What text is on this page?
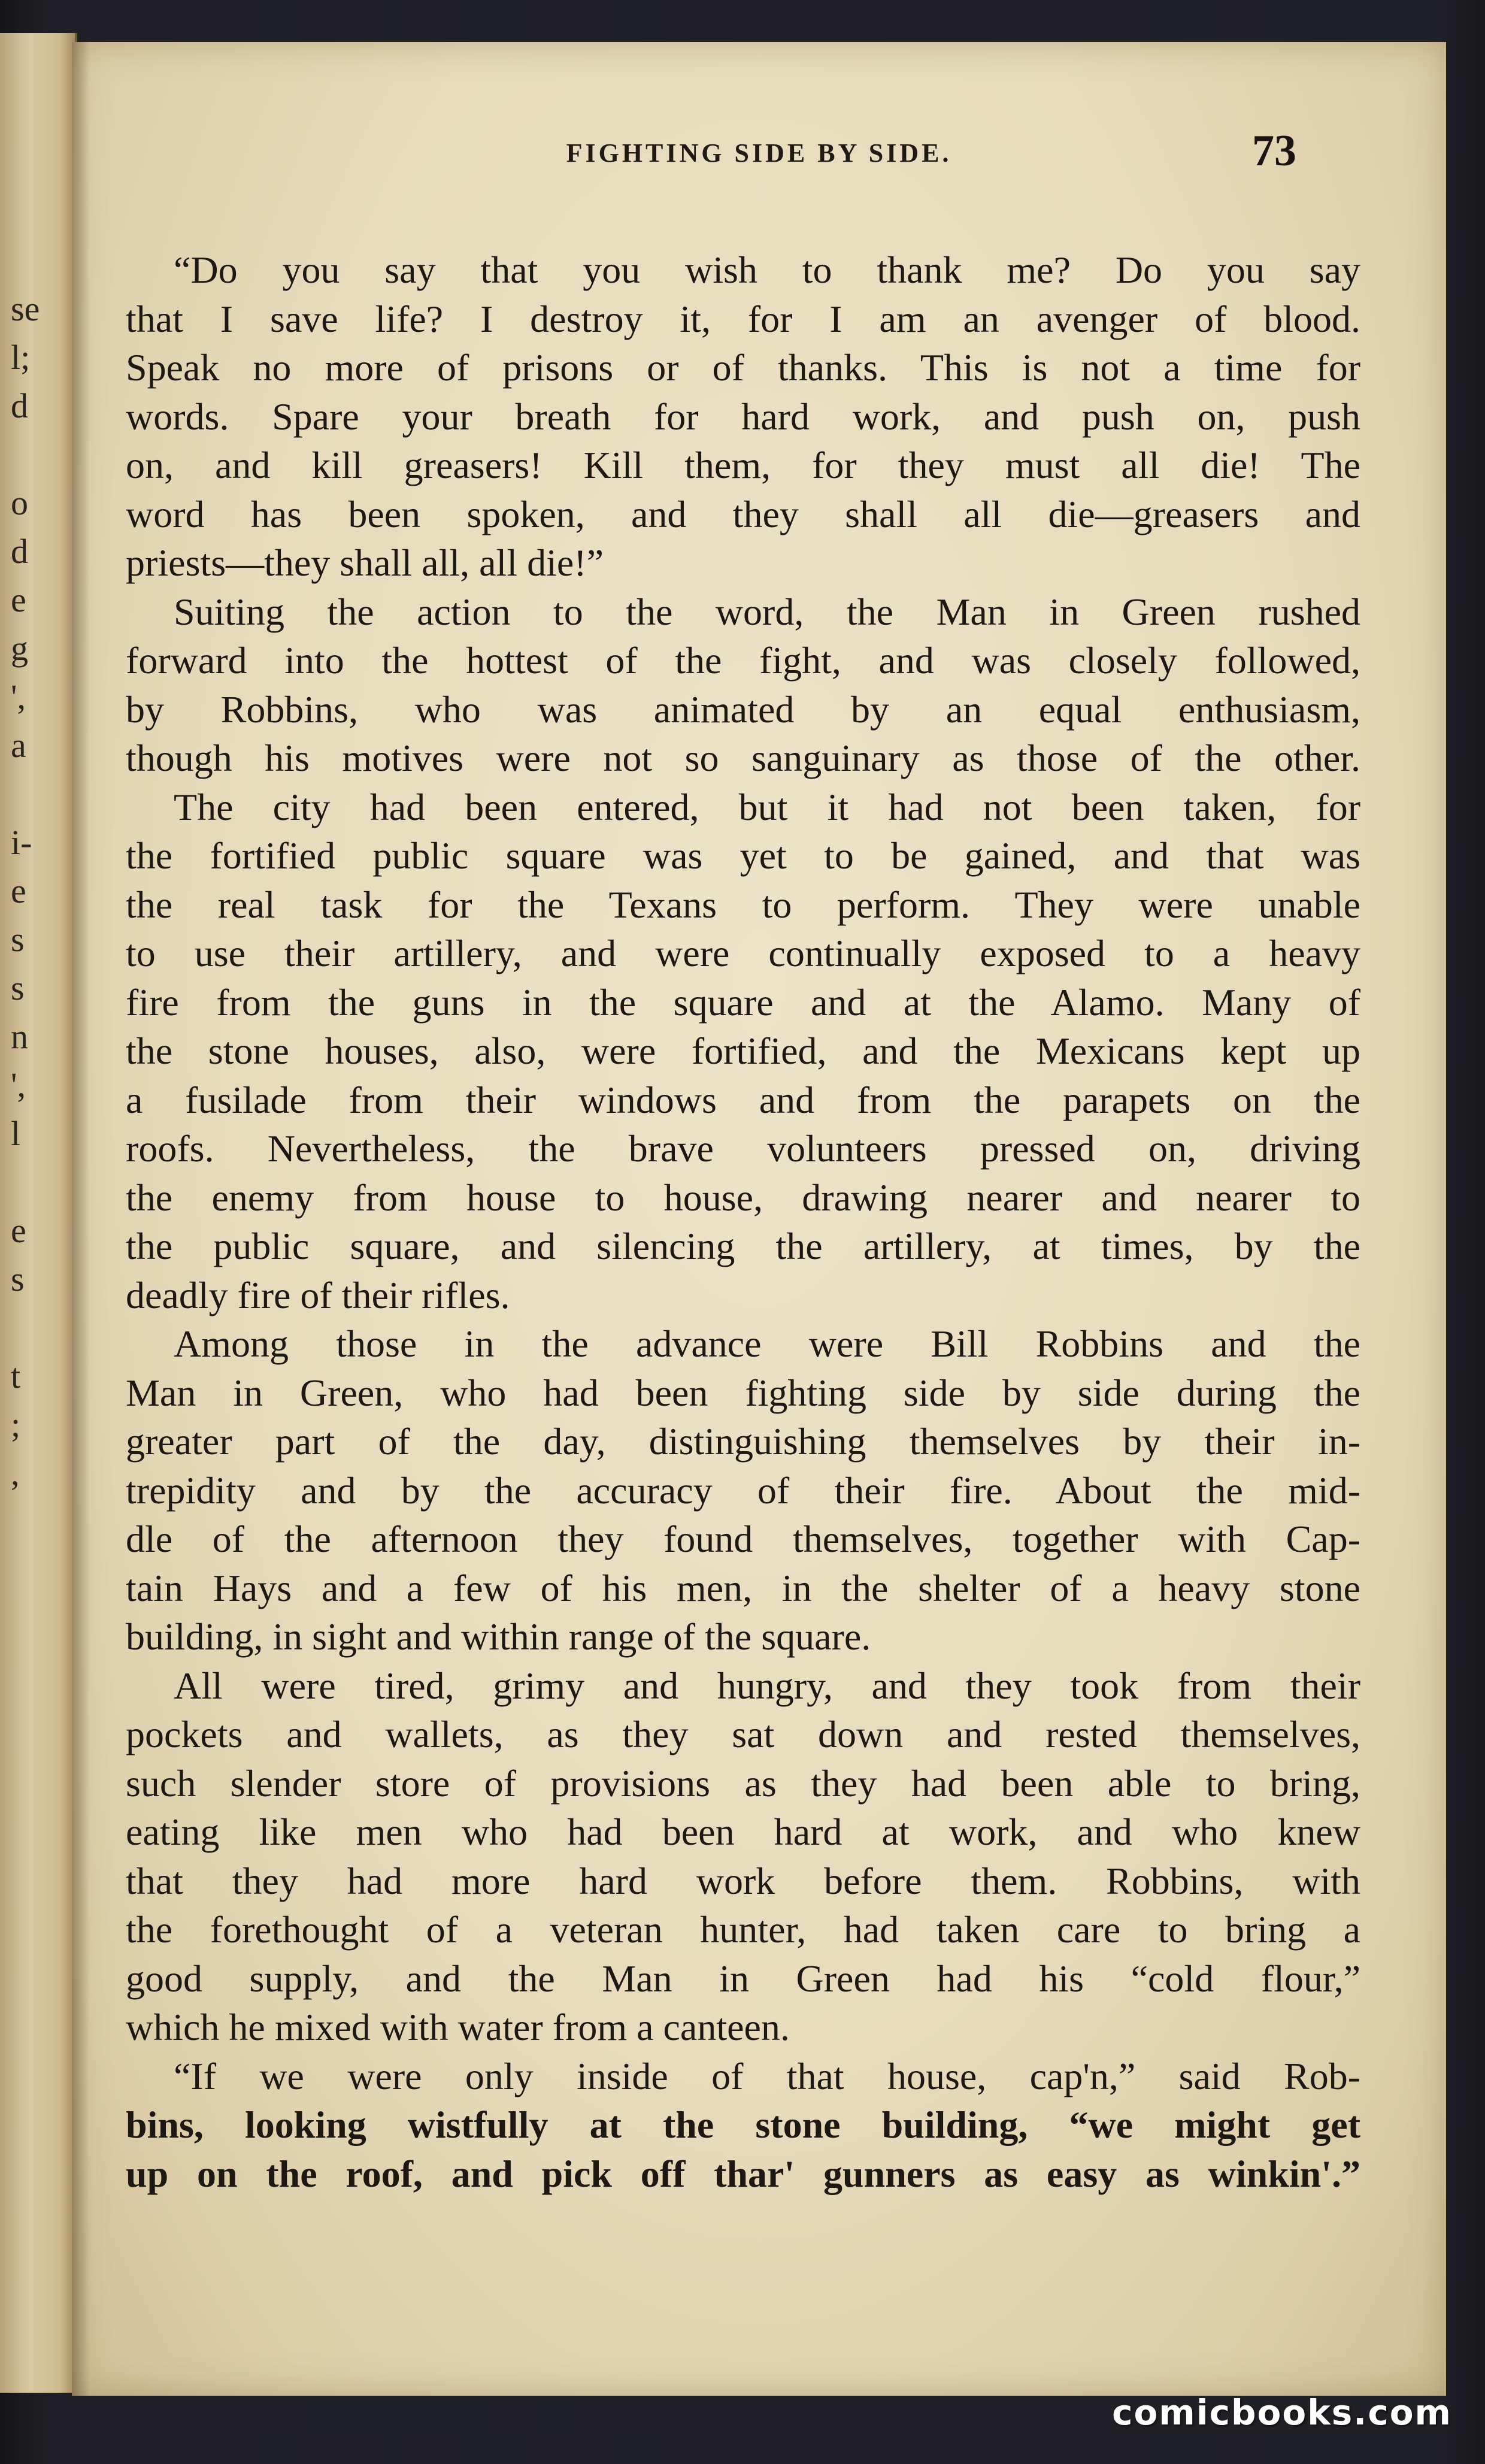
se
l;
d

o
d
e
g
',
a

i-
e
s
s
n
',
l

e
s

t
;
,
FIGHTING SIDE BY SIDE.	73
“Do you say that you wish to thank me? Do you say
that I save life? I destroy it, for I am an avenger of blood.
Speak no more of prisons or of thanks. This is not a time for
words. Spare your breath for hard work, and push on, push
on, and kill greasers! Kill them, for they must all die! The
word has been spoken, and they shall all die—greasers and
priests—they shall all, all die!”
Suiting the action to the word, the Man in Green rushed
forward into the hottest of the fight, and was closely followed,
by Robbins, who was animated by an equal enthusiasm,
though his motives were not so sanguinary as those of the other.
The city had been entered, but it had not been taken, for
the fortified public square was yet to be gained, and that was
the real task for the Texans to perform. They were unable
to use their artillery, and were continually exposed to a heavy
fire from the guns in the square and at the Alamo. Many of
the stone houses, also, were fortified, and the Mexicans kept up
a fusilade from their windows and from the parapets on the
roofs. Nevertheless, the brave volunteers pressed on, driving
the enemy from house to house, drawing nearer and nearer to
the public square, and silencing the artillery, at times, by the
deadly fire of their rifles.
Among those in the advance were Bill Robbins and the
Man in Green, who had been fighting side by side during the
greater part of the day, distinguishing themselves by their in-
trepidity and by the accuracy of their fire. About the mid-
dle of the afternoon they found themselves, together with Cap-
tain Hays and a few of his men, in the shelter of a heavy stone
building, in sight and within range of the square.
All were tired, grimy and hungry, and they took from their
pockets and wallets, as they sat down and rested themselves,
such slender store of provisions as they had been able to bring,
eating like men who had been hard at work, and who knew
that they had more hard work before them. Robbins, with
the forethought of a veteran hunter, had taken care to bring a
good supply, and the Man in Green had his “cold flour,”
which he mixed with water from a canteen.
“If we were only inside of that house, cap'n,” said Rob-
bins, looking wistfully at the stone building, “we might get
up on the roof, and pick off thar' gunners as easy as winkin'.”
comicbooks.com
